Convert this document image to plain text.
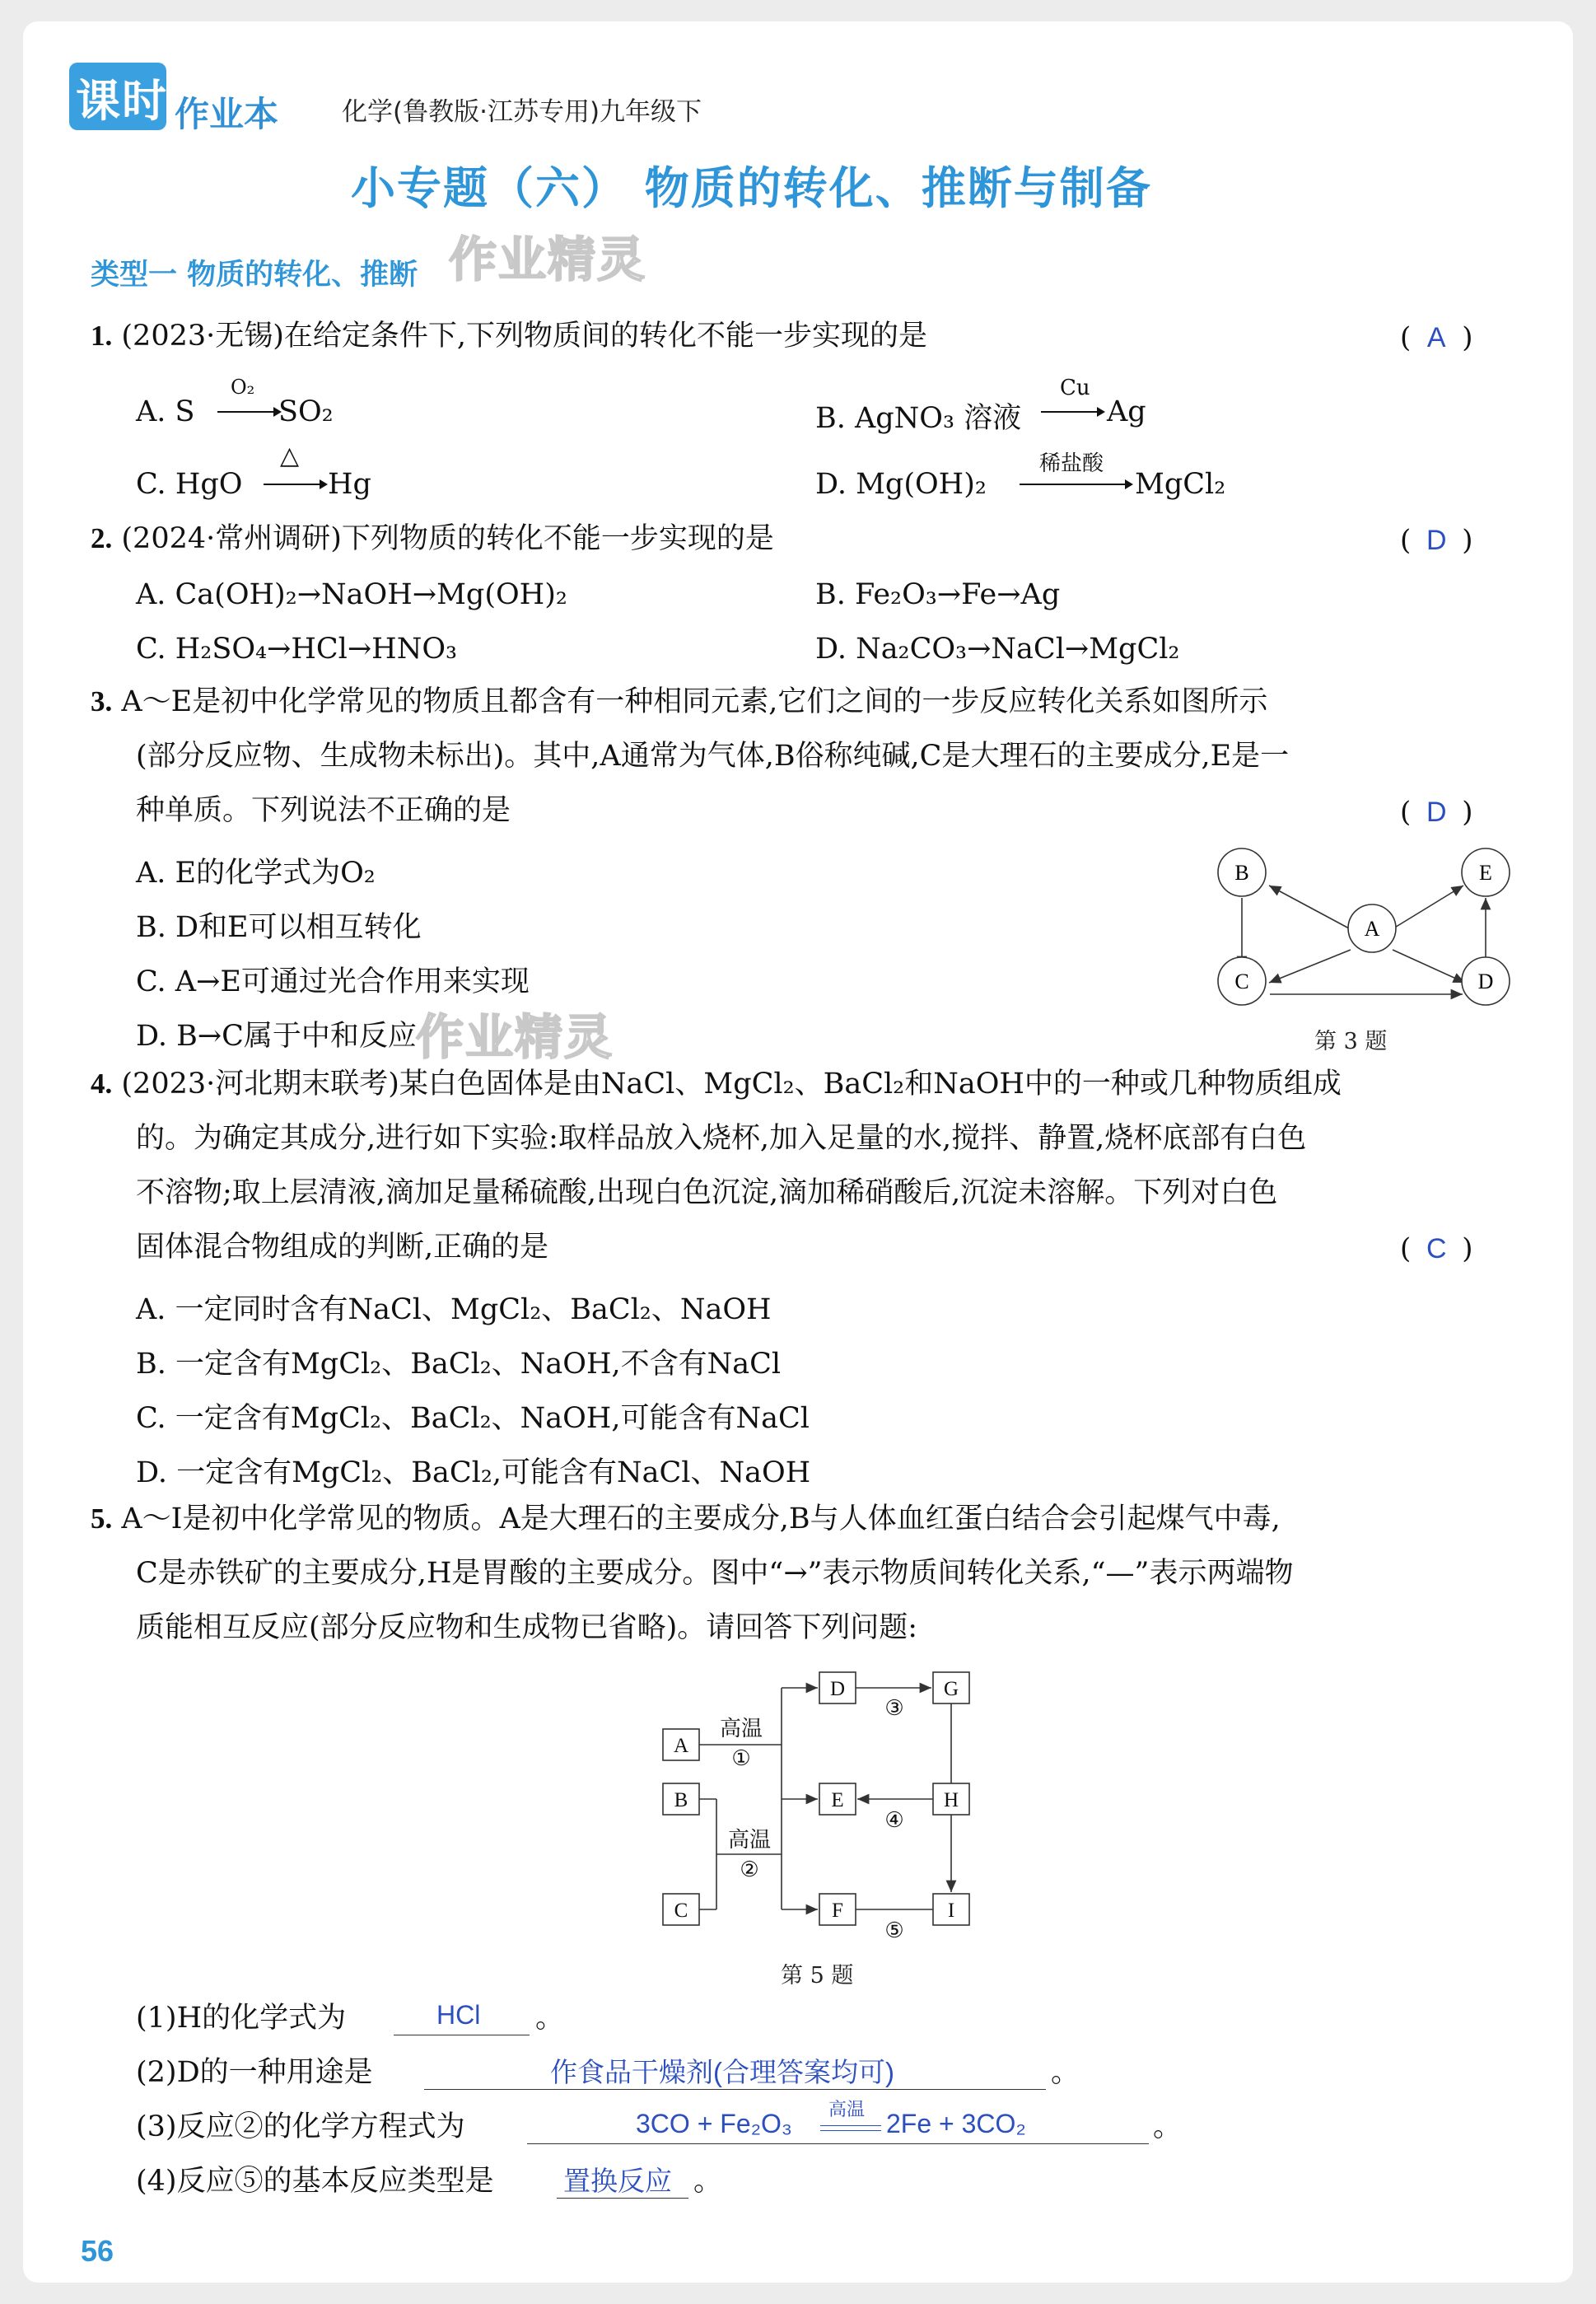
课时 作业本 化学(鲁教版·江苏专用)九年级下
小专题（六） 物质的转化、推断与制备
类型一 物质的转化、推断 作业精灵
作业精灵
1. (2023·无锡)在给定条件下,下列物质间的转化不能一步实现的是	( A )
A. S
O₂
SO₂	B. AgNO₃ 溶液
Cu
Ag
C. HgO
△
Hg	D. Mg(OH)₂
稀盐酸
MgCl₂
2. (2024·常州调研)下列物质的转化不能一步实现的是	( D )
A. Ca(OH)₂→NaOH→Mg(OH)₂	B. Fe₂O₃→Fe→Ag
C. H₂SO₄→HCl→HNO₃	D. Na₂CO₃→NaCl→MgCl₂
3. A～E是初中化学常见的物质且都含有一种相同元素,它们之间的一步反应转化关系如图所示
(部分反应物、生成物未标出)。其中,A通常为气体,B俗称纯碱,C是大理石的主要成分,E是一
种单质。下列说法不正确的是	( D )
A. E的化学式为O₂
B. D和E可以相互转化
C. A→E可通过光合作用来实现
D. B→C属于中和反应
B
A
C
E
D
第 3 题
4. (2023·河北期末联考)某白色固体是由NaCl、MgCl₂、BaCl₂和NaOH中的一种或几种物质组成
的。为确定其成分,进行如下实验:取样品放入烧杯,加入足量的水,搅拌、静置,烧杯底部有白色
不溶物;取上层清液,滴加足量稀硫酸,出现白色沉淀,滴加稀硝酸后,沉淀未溶解。下列对白色
固体混合物组成的判断,正确的是	( C )
A. 一定同时含有NaCl、MgCl₂、BaCl₂、NaOH
B. 一定含有MgCl₂、BaCl₂、NaOH,不含有NaCl
C. 一定含有MgCl₂、BaCl₂、NaOH,可能含有NaCl
D. 一定含有MgCl₂、BaCl₂,可能含有NaCl、NaOH
5. A～I是初中化学常见的物质。A是大理石的主要成分,B与人体血红蛋白结合会引起煤气中毒,
C是赤铁矿的主要成分,H是胃酸的主要成分。图中“→”表示物质间转化关系,“—”表示两端物
质能相互反应(部分反应物和生成物已省略)。请回答下列问题:
A
B
C
D
E
F
G
H
I
高温
①
高温
②
③
④
⑤
第 5 题
(1)H的化学式为	HCl 。
(2)D的一种用途是	作食品干燥剂(合理答案均可)	。
(3)反应②的化学方程式为	3CO + Fe₂O₃ 高温 2Fe + 3CO₂	。
(4)反应⑤的基本反应类型是	置换反应 。
56
